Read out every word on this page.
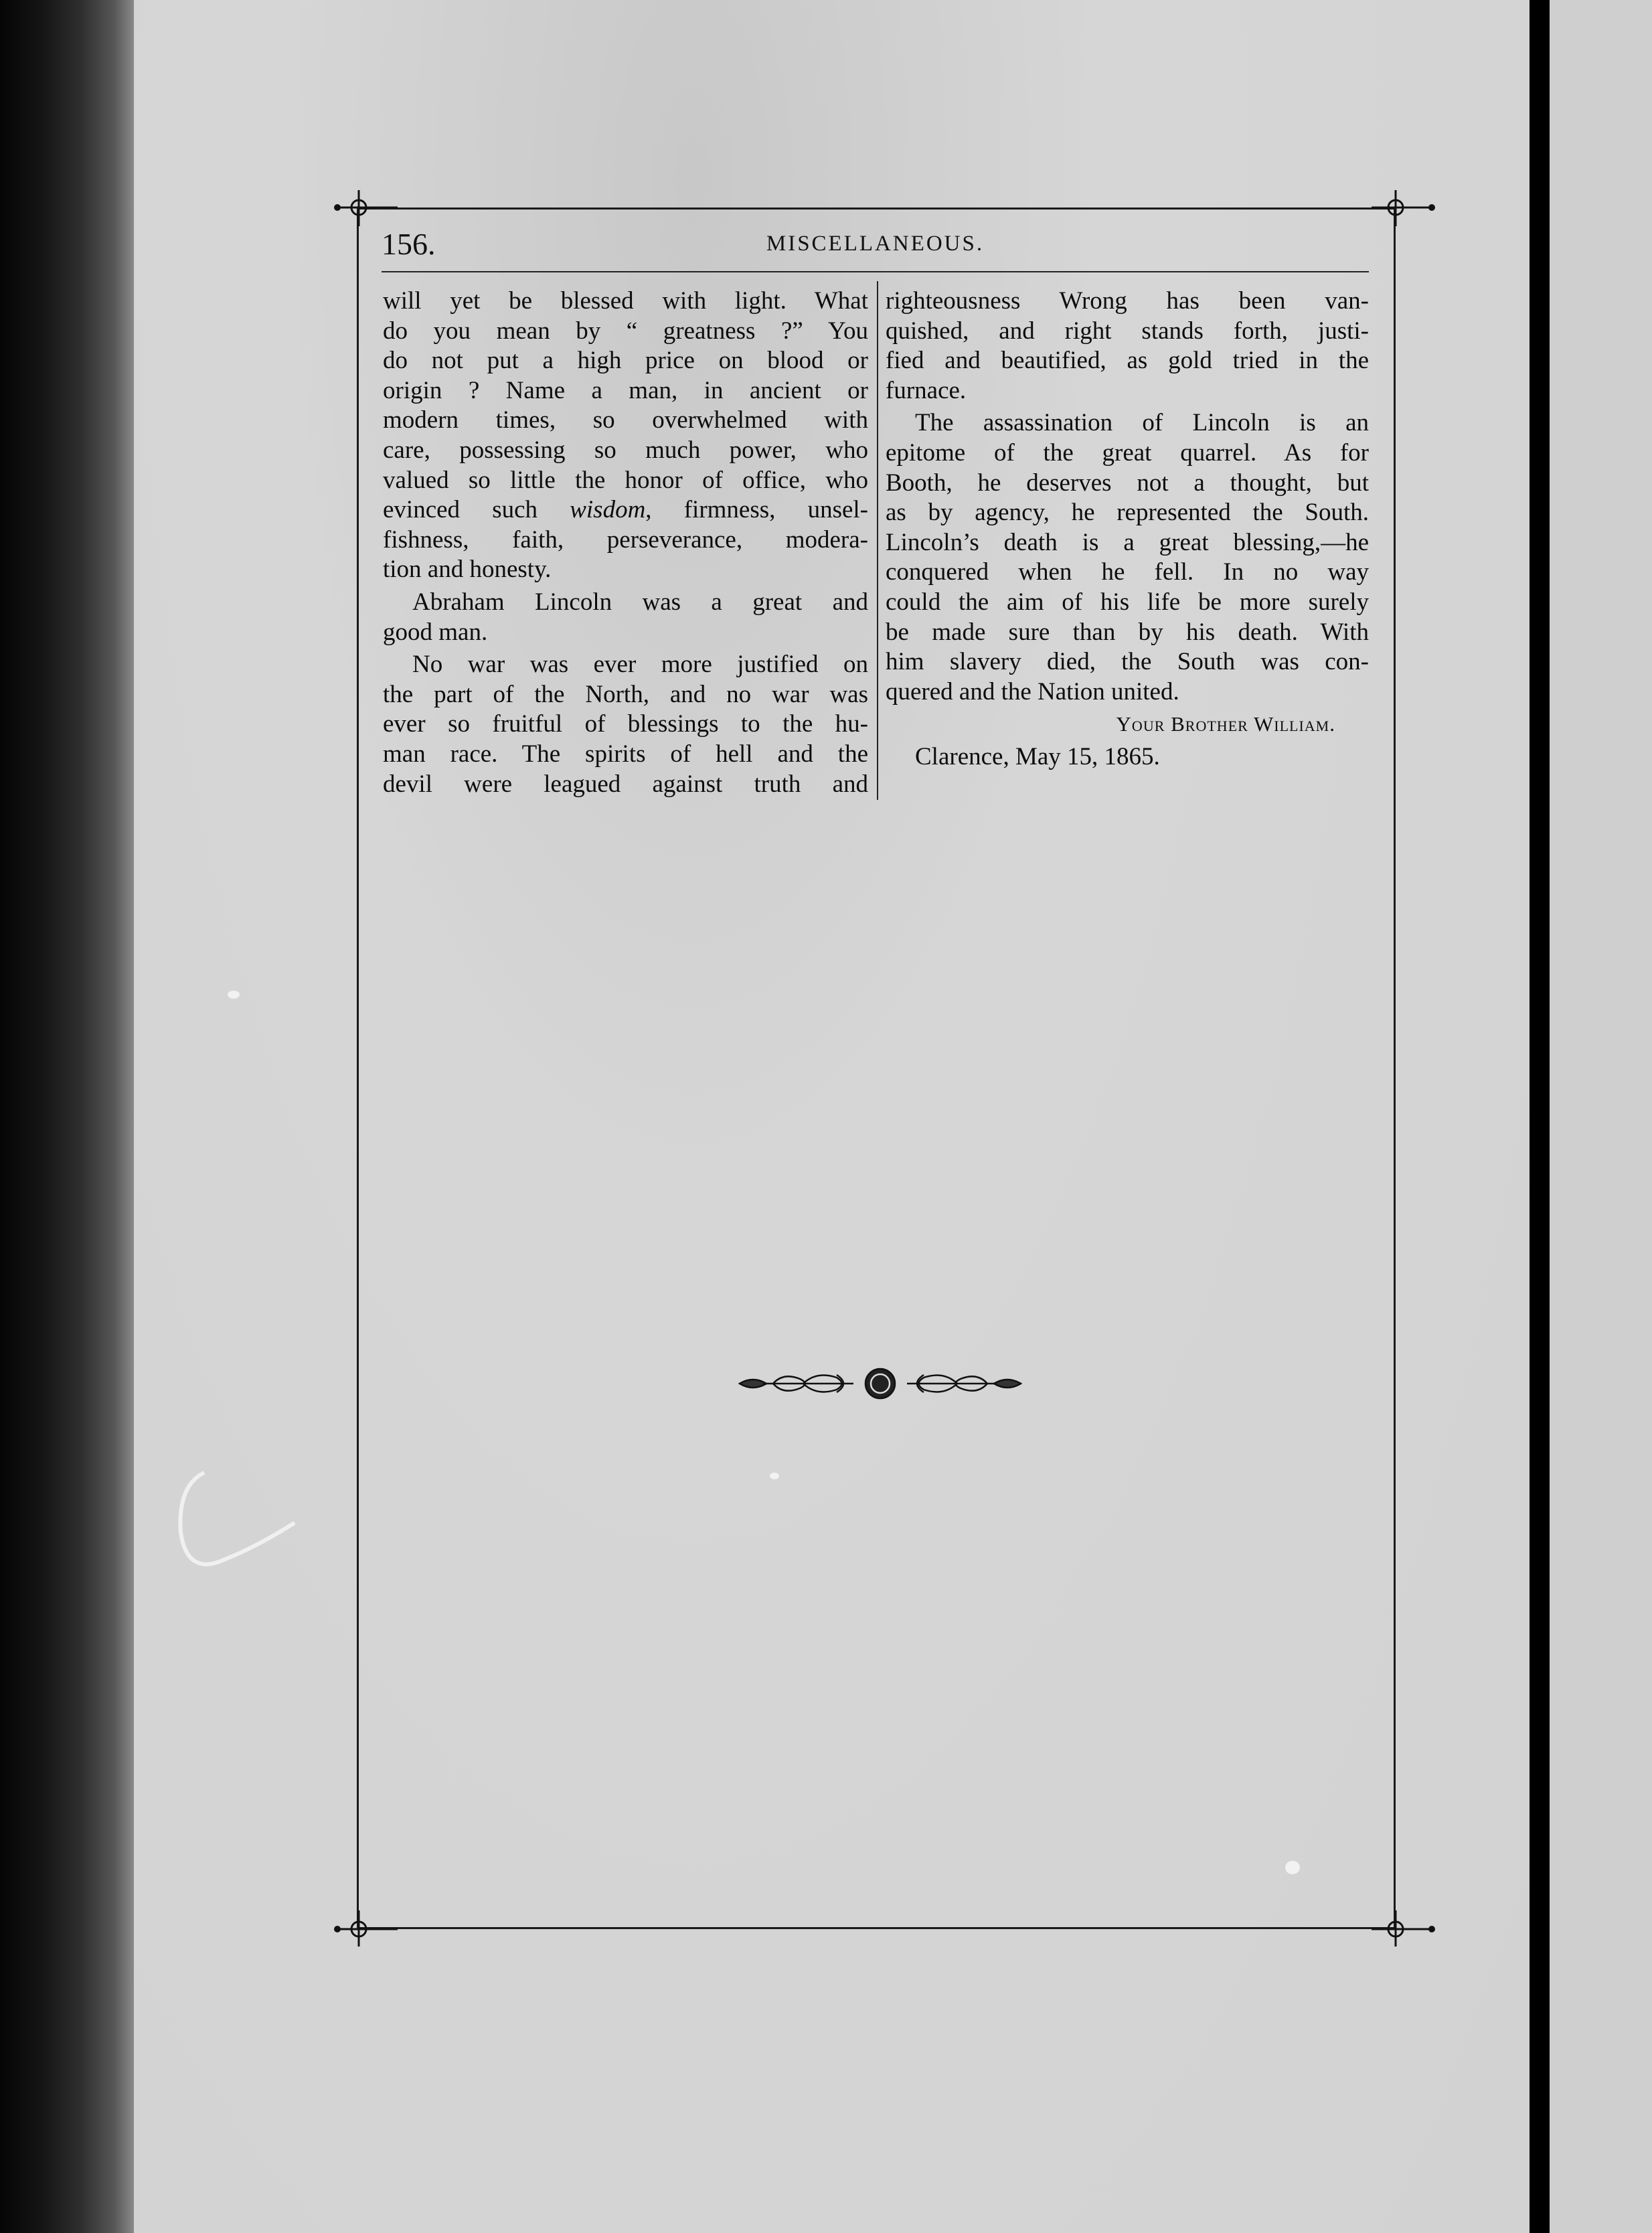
156.	MISCELLANEOUS.
will yet be blessed with light. What
do you mean by “ greatness ?” You
do not put a high price on blood or
origin ? Name a man, in ancient or
modern times, so overwhelmed with
care, possessing so much power, who
valued so little the honor of office, who
evinced such wisdom, firmness, unsel-
fishness, faith, perseverance, modera-
tion and honesty.
Abraham Lincoln was a great and
good man.
No war was ever more justified on
the part of the North, and no war was
ever so fruitful of blessings to the hu-
man race. The spirits of hell and the
devil were leagued against truth and
righteousness Wrong has been van-
quished, and right stands forth, justi-
fied and beautified, as gold tried in the
furnace.
The assassination of Lincoln is an
epitome of the great quarrel. As for
Booth, he deserves not a thought, but
as by agency, he represented the South.
Lincoln’s death is a great blessing,—he
conquered when he fell. In no way
could the aim of his life be more surely
be made sure than by his death. With
him slavery died, the South was con-
quered and the Nation united.
Your Brother William.
Clarence, May 15, 1865.
